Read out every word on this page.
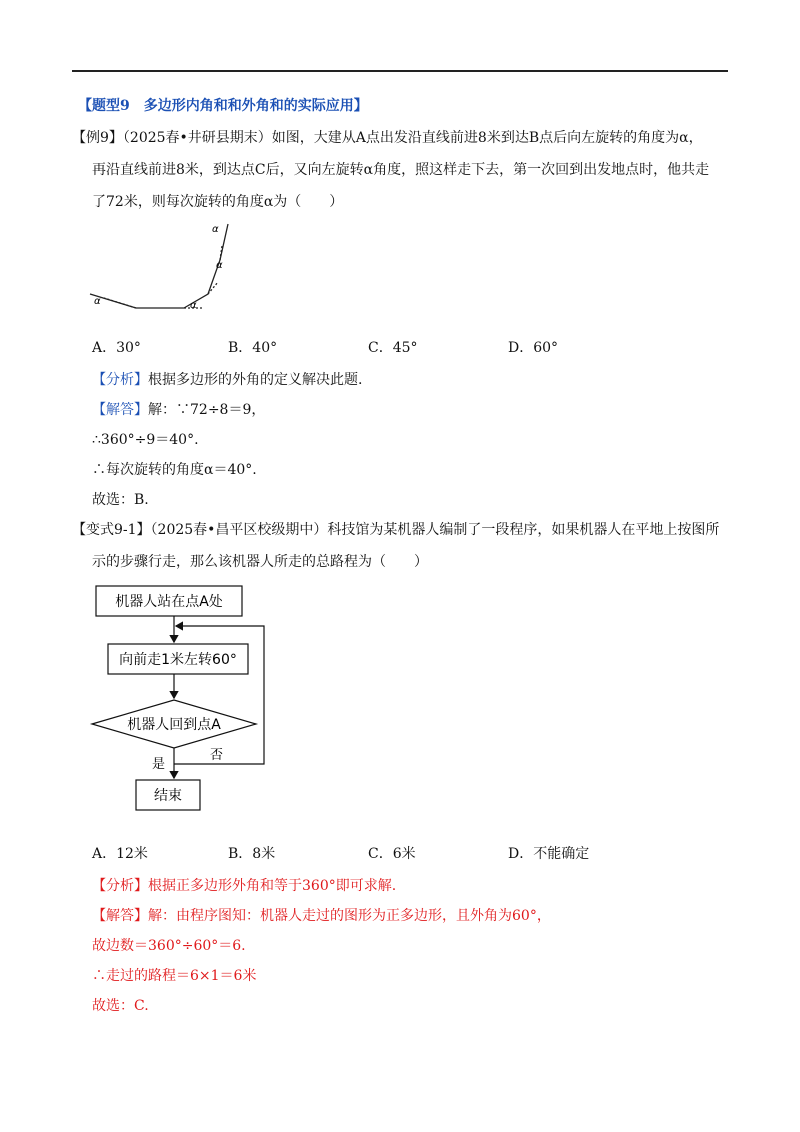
【题型9　多边形内角和和外角和的实际应用】
【例9】（2025春•井研县期末）如图，大建从A点出发沿直线前进8米到达B点后向左旋转的角度为α，
再沿直线前进8米，到达点C后，又向左旋转α角度，照这样走下去，第一次回到出发地点时，他共走
了72米，则每次旋转的角度α为（　　）
α	α
α
α
A．30°	B．40°	C．45°	D．60°
【分析】根据多边形的外角的定义解决此题.
【解答】解：∵72÷8＝9，
∴360°÷9＝40°.
∴每次旋转的角度α＝40°.
故选：B.
【变式9-1】（2025春•昌平区校级期中）科技馆为某机器人编制了一段程序，如果机器人在平地上按图所
示的步骤行走，那么该机器人所走的总路程为（　　）
机器人站在点A处
向前走1米左转60°
机器人回到点A
否
是
结束
A．12米	B．8米	C．6米	D．不能确定
【分析】根据正多边形外角和等于360°即可求解.
【解答】解：由程序图知：机器人走过的图形为正多边形，且外角为60°，
故边数＝360°÷60°＝6.
∴走过的路程＝6×1＝6米
故选：C.
